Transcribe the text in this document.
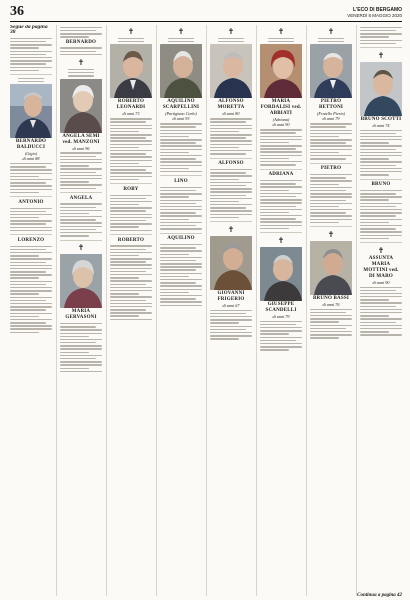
36	L'ECO DI BERGAMO
VENERDÌ 8 MAGGIO 2020
Segue da pagina 38
BERNARDO BALDUCCI
(Gigio)
di anni 88
ANTONIO
LORENZO
BERNARDO
✝
ANGELA SEMI ved. MANZONI
di anni 96
ANGELA
✝
MARIA GERVASONI
✝
ROBERTO LEONARDI
di anni 73
ROBY
ROBERTO
✝
AQUILINO SCARPELLINI
(Partigiano Carlo)
di anni 93
LINO
AQUILINO
✝
ALFONSO MORETTA
di anni 80
ALFONSO
✝
GIOVANNI FRIGERIO
di anni 67
✝
MARIA FORDALISI ved. ABBIATI
(Adriana)
di anni 90
ADRIANA
✝
GIUSEPPE SCANDELLI
di anni 79
✝
PIETRO BETTONI
(Fratello Pierin)
di anni 79
PIETRO
✝
BRUNO BASSI
di anni 76
✝
BRUNO SCOTTI
di anni 74
BRUNO
✝
ASSUNTA MARIA MOTTINI ved. DI MARO
di anni 90
Continua a pagina 42
